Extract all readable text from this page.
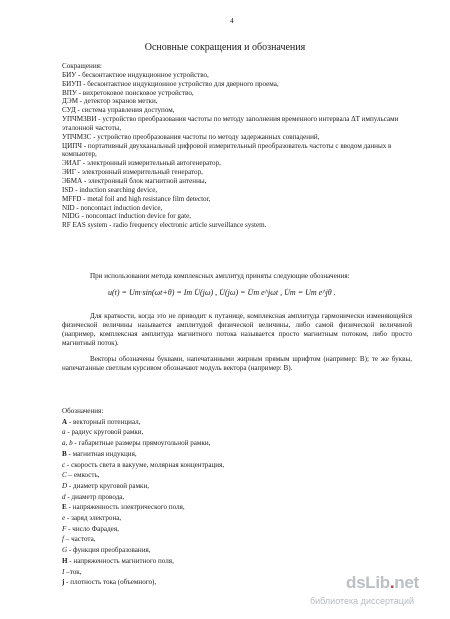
4
Основные сокращения и обозначения
Сокращения:
БИУ - бесконтактное индукционное устройство,
БИУП - бесконтактное индукционное устройство для дверного проема,
ВПУ - вихретоковое поисковое устройство,
ДЭМ - детектор экранов метки,
СУД - система управления доступом,
УПЧМЗВИ - устройство преобразования частоты по методу заполнения временного интервала ΔT импульсами эталонной частоты,
УПЧМЗС - устройство преобразования частоты по методу задержанных совпадений,
ЦИПЧ - портативный двухканальный цифровой измерительный преобразователь частоты с вводом данных в компьютер,
ЭИАГ - электронный измерительный автогенератор,
ЭИГ - электронный измерительный генератор,
ЭБМА - электронный блок магнитной антенны,
ISD - induction searching device,
MFFD - metal foil and high resistance film detector,
NID - noncontact induction device,
NIDG - noncontact induction device for gate,
RF EAS system - radio frequency electronic article surveillance system.
При использовании метода комплексных амплитуд приняты следующие обозначения:
u(t) = Um·sin(ωt+θ) = Im U̇(jω) , U̇(jω) = U̇m e^jωt , U̇m = Um e^jθ .
Для краткости, когда это не приводит к путанице, комплексная амплитуда гармонически изменяющейся физической величины называется амплитудой физической величины, либо самой физической величиной (например, комплексная амплитуда магнитного потока называется просто магнитным потоком, либо просто магнитный поток).
Векторы обозначены буквами, напечатанными жирным прямым шрифтом (например: B); те же буквы, напечатанные светлым курсивом обозначают модуль вектора (например: B).
Обозначения:
A - векторный потенциал,
a - радиус круговой рамки,
a, b - габаритные размеры прямоугольной рамки,
B - магнитная индукция,
c - скорость света в вакууме, молярная концентрация,
C – емкость,
D - диаметр круговой рамки,
d - диаметр провода,
E - напряженность электрического поля,
e - заряд электрона,
F - число Фарадея,
f – частота,
G - функция преобразования,
H - напряженность магнитного поля,
I –ток,
j - плотность тока (объемного),	dsLib.net
библиотека диссертаций
